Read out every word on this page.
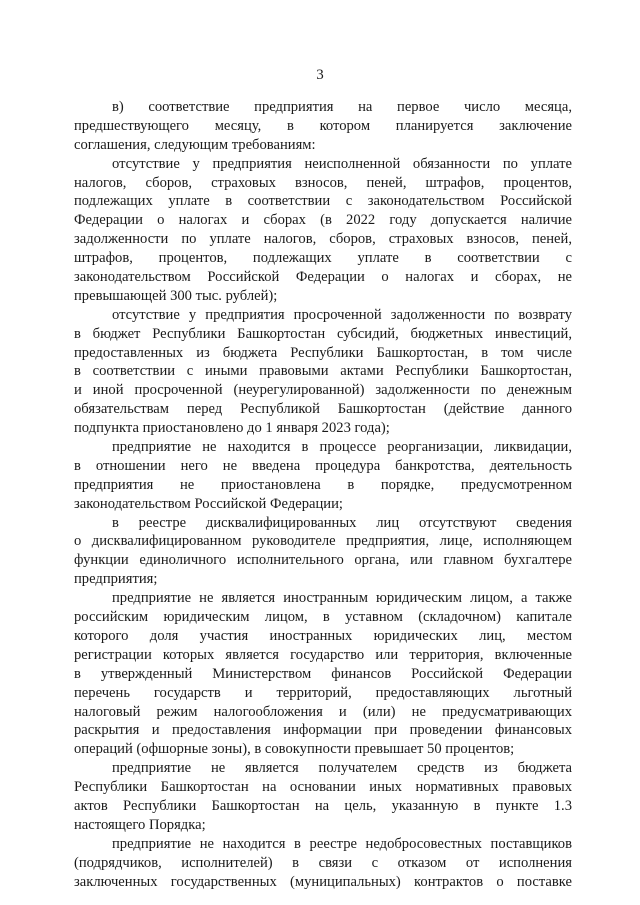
3
в) соответствие предприятия на первое число месяца,
предшествующего месяцу, в котором планируется заключение
соглашения, следующим требованиям:
отсутствие у предприятия неисполненной обязанности по уплате
налогов, сборов, страховых взносов, пеней, штрафов, процентов,
подлежащих уплате в соответствии с законодательством Российской
Федерации о налогах и сборах (в 2022 году допускается наличие
задолженности по уплате налогов, сборов, страховых взносов, пеней,
штрафов, процентов, подлежащих уплате в соответствии с
законодательством Российской Федерации о налогах и сборах, не
превышающей 300 тыс. рублей);
отсутствие у предприятия просроченной задолженности по возврату
в бюджет Республики Башкортостан субсидий, бюджетных инвестиций,
предоставленных из бюджета Республики Башкортостан, в том числе
в соответствии с иными правовыми актами Республики Башкортостан,
и иной просроченной (неурегулированной) задолженности по денежным
обязательствам перед Республикой Башкортостан (действие данного
подпункта приостановлено до 1 января 2023 года);
предприятие не находится в процессе реорганизации, ликвидации,
в отношении него не введена процедура банкротства, деятельность
предприятия не приостановлена в порядке, предусмотренном
законодательством Российской Федерации;
в реестре дисквалифицированных лиц отсутствуют сведения
о дисквалифицированном руководителе предприятия, лице, исполняющем
функции единоличного исполнительного органа, или главном бухгалтере
предприятия;
предприятие не является иностранным юридическим лицом, а также
российским юридическим лицом, в уставном (складочном) капитале
которого доля участия иностранных юридических лиц, местом
регистрации которых является государство или территория, включенные
в утвержденный Министерством финансов Российской Федерации
перечень государств и территорий, предоставляющих льготный
налоговый режим налогообложения и (или) не предусматривающих
раскрытия и предоставления информации при проведении финансовых
операций (офшорные зоны), в совокупности превышает 50 процентов;
предприятие не является получателем средств из бюджета
Республики Башкортостан на основании иных нормативных правовых
актов Республики Башкортостан на цель, указанную в пункте 1.3
настоящего Порядка;
предприятие не находится в реестре недобросовестных поставщиков
(подрядчиков, исполнителей) в связи с отказом от исполнения
заключенных государственных (муниципальных) контрактов о поставке
